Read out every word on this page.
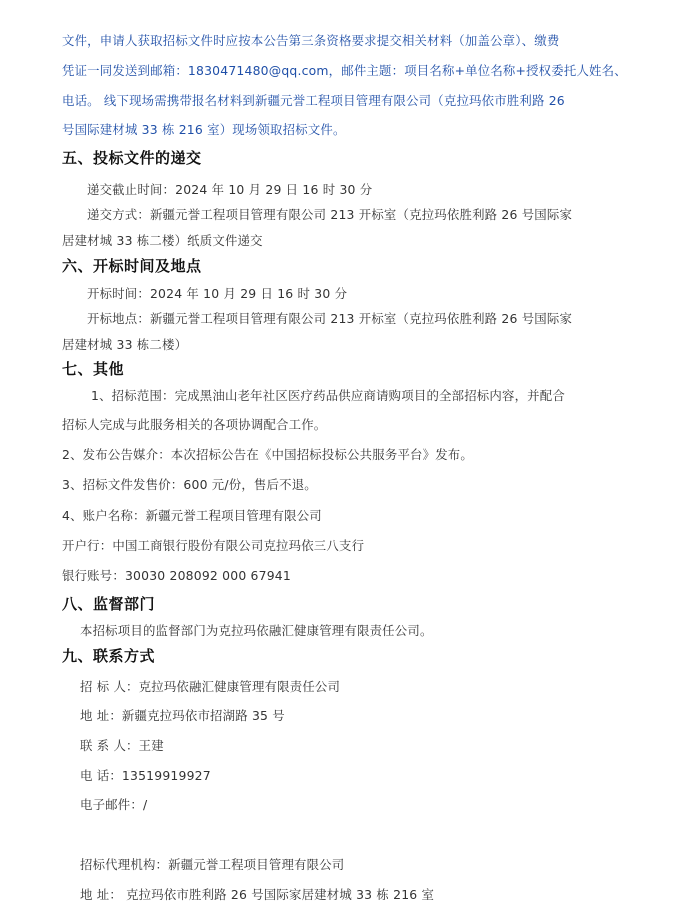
文件，申请人获取招标文件时应按本公告第三条资格要求提交相关材料（加盖公章）、缴费
凭证一同发送到邮箱：1830471480@qq.com，邮件主题：项目名称+单位名称+授权委托人姓名、
电话。 线下现场需携带报名材料到新疆元誉工程项目管理有限公司（克拉玛依市胜利路 26
号国际建材城 33 栋 216 室）现场领取招标文件。
五、投标文件的递交
递交截止时间：2024 年 10 月 29 日 16 时 30 分
递交方式：新疆元誉工程项目管理有限公司 213 开标室（克拉玛依胜利路 26 号国际家
居建材城 33 栋二楼）纸质文件递交
六、开标时间及地点
开标时间：2024 年 10 月 29 日 16 时 30 分
开标地点：新疆元誉工程项目管理有限公司 213 开标室（克拉玛依胜利路 26 号国际家
居建材城 33 栋二楼）
七、其他
1、招标范围：完成黑油山老年社区医疗药品供应商请购项目的全部招标内容，并配合
招标人完成与此服务相关的各项协调配合工作。
2、发布公告媒介：本次招标公告在《中国招标投标公共服务平台》发布。
3、招标文件发售价：600 元/份，售后不退。
4、账户名称：新疆元誉工程项目管理有限公司
开户行：中国工商银行股份有限公司克拉玛依三八支行
银行账号：30030 208092 000 67941
八、监督部门
本招标项目的监督部门为克拉玛依融汇健康管理有限责任公司。
九、联系方式
招 标 人：克拉玛依融汇健康管理有限责任公司
地 址：新疆克拉玛依市招湖路 35 号
联 系 人：王建
电 话：13519919927
电子邮件：/
招标代理机构：新疆元誉工程项目管理有限公司
地 址： 克拉玛依市胜利路 26 号国际家居建材城 33 栋 216 室
